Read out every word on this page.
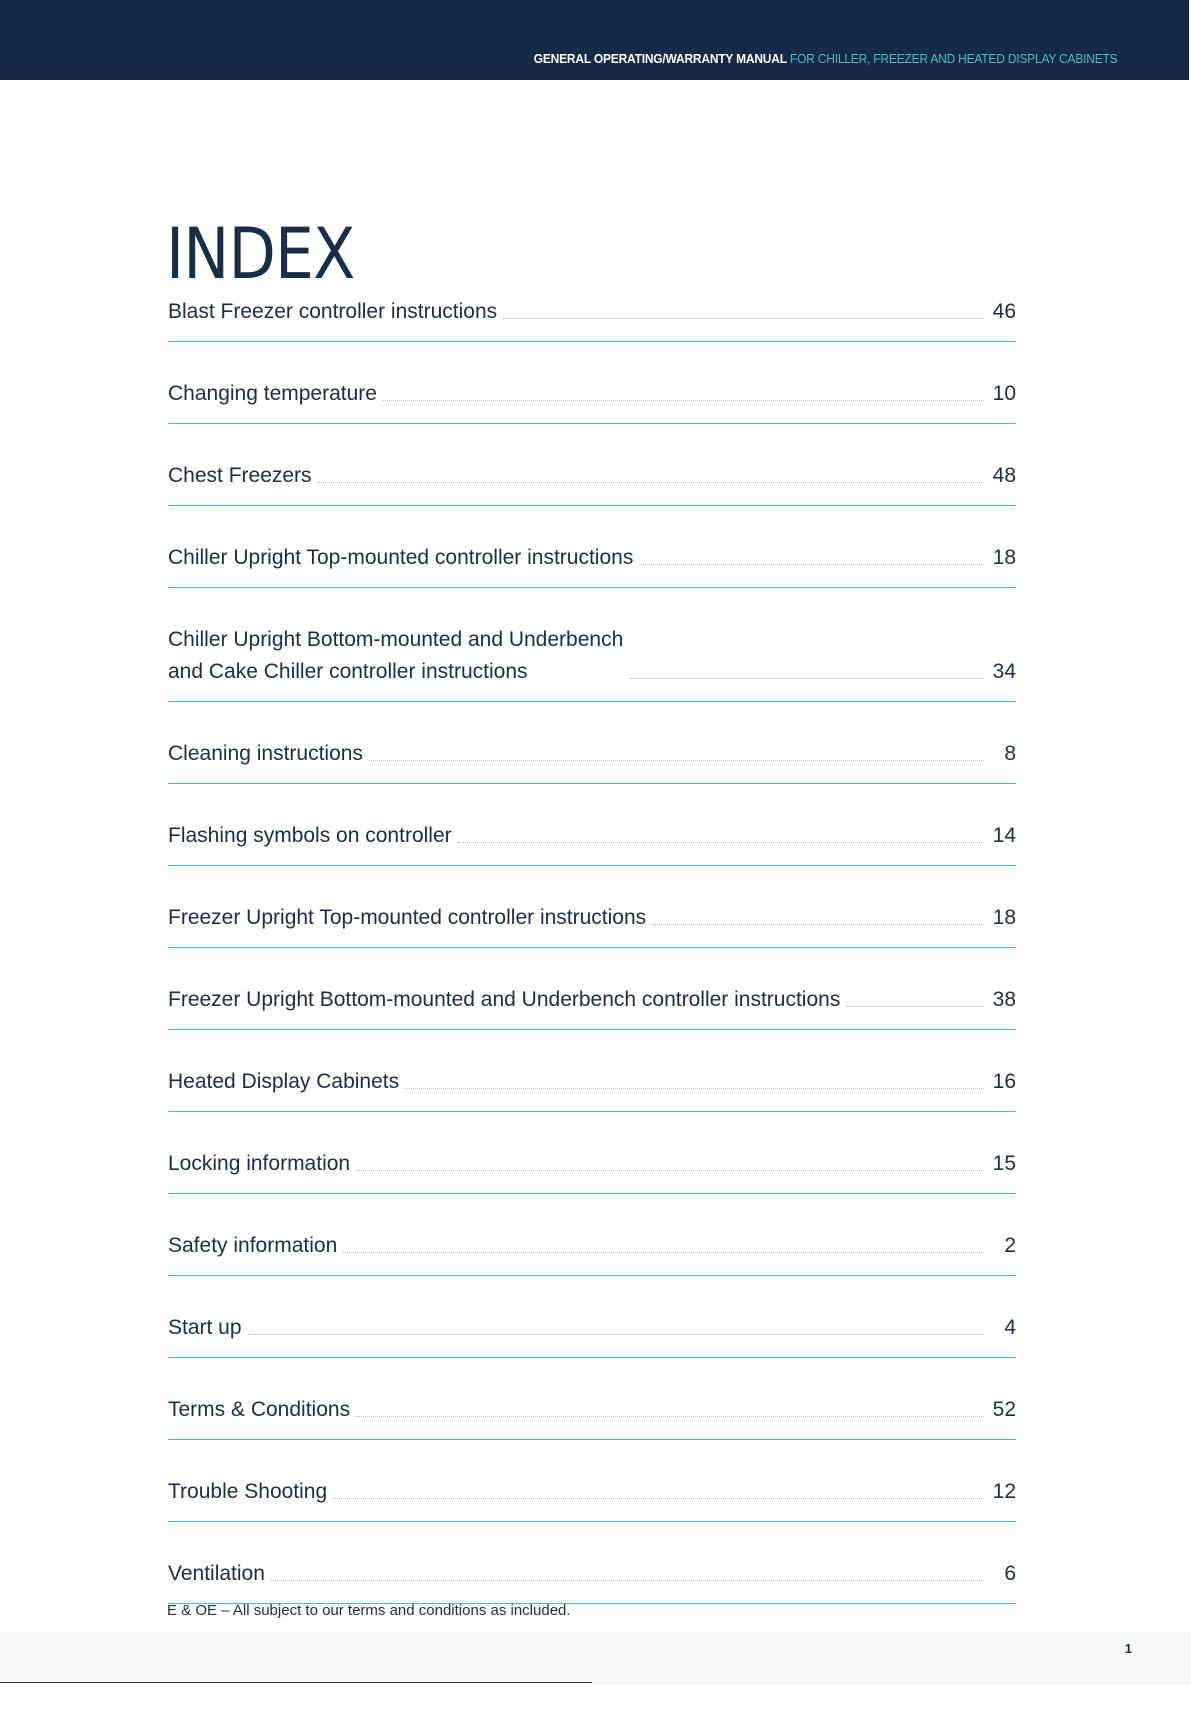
GENERAL OPERATING/WARRANTY MANUAL FOR CHILLER, FREEZER AND HEATED DISPLAY CABINETS
INDEX
Blast Freezer controller instructions	46
Changing temperature	10
Chest Freezers	48
Chiller Upright Top-mounted controller instructions	18
Chiller Upright Bottom-mounted and Underbench
and Cake Chiller controller instructions	34
Cleaning instructions	8
Flashing symbols on controller	14
Freezer Upright Top-mounted controller instructions	18
Freezer Upright Bottom-mounted and Underbench controller instructions	38
Heated Display Cabinets	16
Locking information	15
Safety information	2
Start up	4
Terms & Conditions	52
Trouble Shooting	12
Ventilation	6
E & OE – All subject to our terms and conditions as included.
1
